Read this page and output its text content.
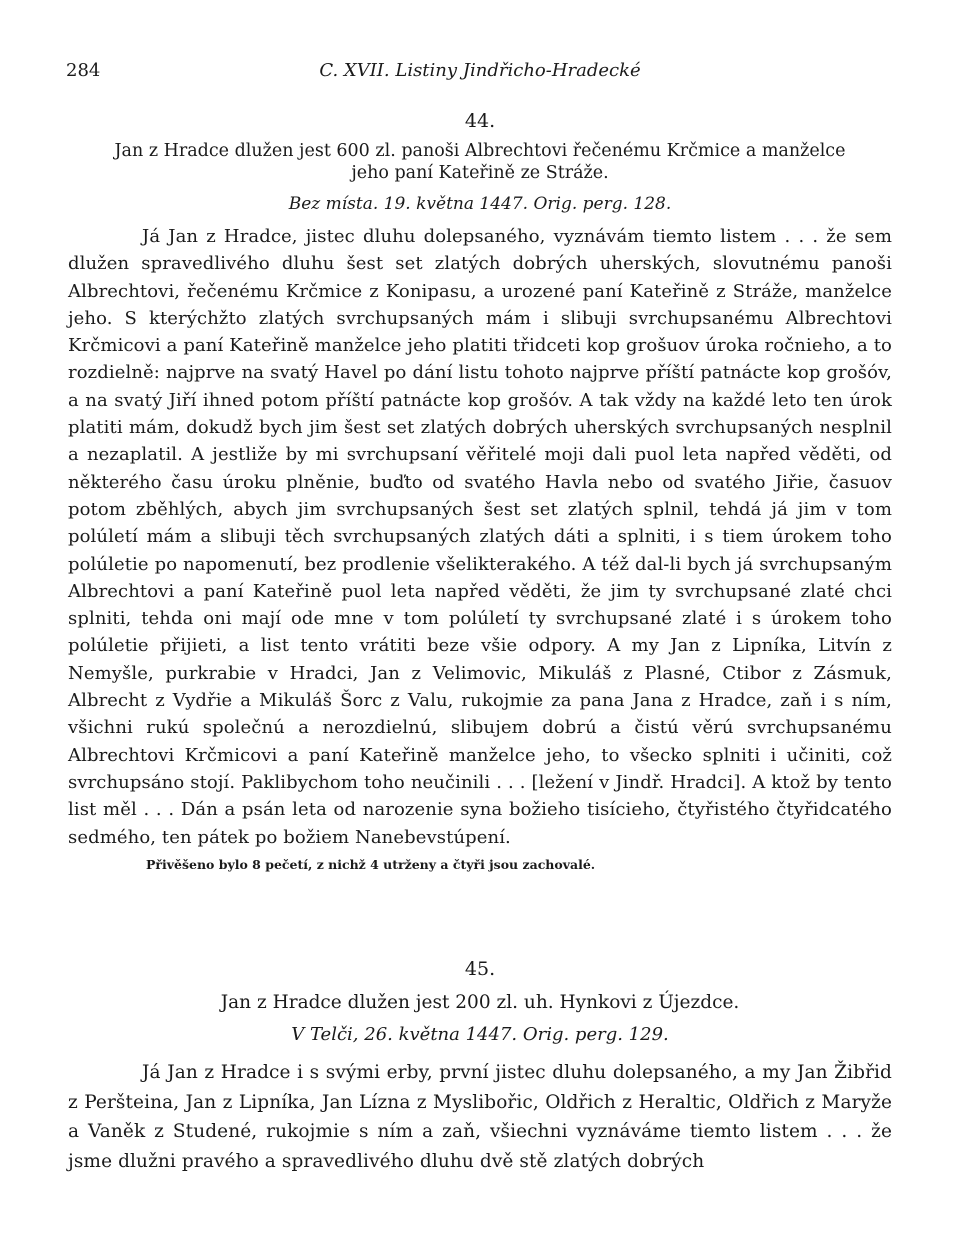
284	C. XVII. Listiny Jindřicho-Hradecké

44.

Jan z Hradce dlužen jest 600 zl. panoši Albrechtovi řečenému Krčmice a manželce jeho paní Kateřině ze Stráže.

Bez místa. 19. května 1447. Orig. perg. 128.

Já Jan z Hradce, jistec dluhu dolepsaného, vyznávám tiemto listem . . . že sem dlužen spravedlivého dluhu šest set zlatých dobrých uherských, slovutnému panoši Albrechtovi, řečenému Krčmice z Konipasu, a urozené paní Kateřině z Stráže, manželce jeho. S kterýchžto zlatých svrchupsaných mám i slibuji svrchupsanému Albrechtovi Krčmicovi a paní Kateřině manželce jeho platiti třidceti kop grošuov úroka ročnieho, a to rozdielně: najprve na svatý Havel po dání listu tohoto najprve příští patnácte kop grošóv, a na svatý Jiří ihned potom příští patnácte kop grošóv. A tak vždy na každé leto ten úrok platiti mám, dokudž bych jim šest set zlatých dobrých uherských svrchupsaných nesplnil a nezaplatil. A jestliže by mi svrchupsaní věřitelé moji dali puol leta napřed věděti, od některého času úroku plněnie, buďto od svatého Havla nebo od svatého Jiřie, časuov potom zběhlých, abych jim svrchupsaných šest set zlatých splnil, tehdá já jim v tom polúletí mám a slibuji těch svrchupsaných zlatých dáti a splniti, i s tiem úrokem toho polúletie po napomenutí, bez prodlenie všelikterakého. A též dal-li bych já svrchupsaným Albrechtovi a paní Kateřině puol leta napřed věděti, že jim ty svrchupsané zlaté chci splniti, tehda oni mají ode mne v tom polúletí ty svrchupsané zlaté i s úrokem toho polúletie přijieti, a list tento vrátiti beze všie odpory. A my Jan z Lipníka, Litvín z Nemyšle, purkrabie v Hradci, Jan z Velimovic, Mikuláš z Plasné, Ctibor z Zásmuk, Albrecht z Vydřie a Mikuláš Šorc z Valu, rukojmie za pana Jana z Hradce, zaň i s ním, všichni rukú společnú a nerozdielnú, slibujem dobrú a čistú věrú svrchupsanému Albrechtovi Krčmicovi a paní Kateřině manželce jeho, to všecko splniti i učiniti, což svrchupsáno stojí. Paklibychom toho neučinili . . . [ležení v Jindř. Hradci]. A ktož by tento list měl . . . Dán a psán leta od narozenie syna božieho tisícieho, čtyřistého čtyřidcatého sedmého, ten pátek po božiem Nanebevstúpení.

Přivěšeno bylo 8 pečetí, z nichž 4 utrženy a čtyři jsou zachovalé.

45.

Jan z Hradce dlužen jest 200 zl. uh. Hynkovi z Újezdce.

V Telči, 26. května 1447. Orig. perg. 129.

Já Jan z Hradce i s svými erby, první jistec dluhu dolepsaného, a my Jan Žibřid z Peršteina, Jan z Lipníka, Jan Lízna z Myslibořic, Oldřich z Heraltic, Oldřich z Maryže a Vaněk z Studené, rukojmie s ním a zaň, všiechni vyznáváme tiemto listem . . . že jsme dlužni pravého a spravedlivého dluhu dvě stě zlatých dobrých
